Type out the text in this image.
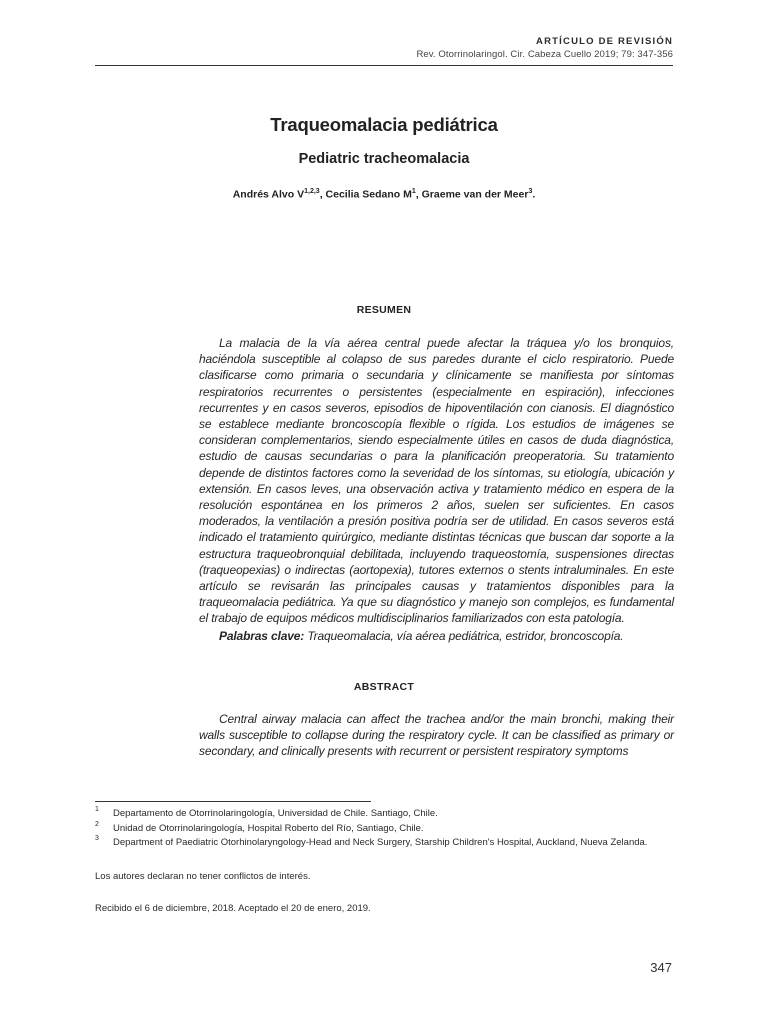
ARTÍCULO DE REVISIÓN
Rev. Otorrinolaringol. Cir. Cabeza Cuello 2019; 79: 347-356
Traqueomalacia pediátrica
Pediatric tracheomalacia
Andrés Alvo V$^{1,2,3}$, Cecilia Sedano $M^1$, Graeme van der Meer$^3$.
RESUMEN

La malacia de la vía aérea central puede afectar la tráquea y/o los bronquios, haciéndola susceptible al colapso de sus paredes durante el ciclo respiratorio. Puede clasificarse como primaria o secundaria y clínicamente se manifiesta por síntomas respiratorios recurrentes o persistentes (especialmente en espiración), infecciones recurrentes y en casos severos, episodios de hipoventilación con cianosis. El diagnóstico se establece mediante broncoscopía flexible o rígida. Los estudios de imágenes se consideran complementarios, siendo especialmente útiles en casos de duda diagnóstica, estudio de causas secundarias o para la planificación preoperatoria. Su tratamiento depende de distintos factores como la severidad de los síntomas, su etiología, ubicación y extensión. En casos leves, una observación activa y tratamiento médico en espera de la resolución espontánea en los primeros 2 años, suelen ser suficientes. En casos moderados, la ventilación a presión positiva podría ser de utilidad. En casos severos está indicado el tratamiento quirúrgico, mediante distintas técnicas que buscan dar soporte a la estructura traqueobronquial debilitada, incluyendo traqueostomía, suspensiones directas (traqueopexias) o indirectas (aortopexia), tutores externos o stents intraluminales. En este artículo se revisarán las principales causas y tratamientos disponibles para la traqueomalacia pediátrica. Ya que su diagnóstico y manejo son complejos, es fundamental el trabajo de equipos médicos multidisciplinarios familiarizados con esta patología.

Palabras clave: Traqueomalacia, vía aérea pediátrica, estridor, broncoscopía.

ABSTRACT

Central airway malacia can affect the trachea and/or the main bronchi, making their walls susceptible to collapse during the respiratory cycle. It can be classified as primary or secondary, and clinically presents with recurrent or persistent respiratory symptoms

1 Departamento de Otorrinolaringología, Universidad de Chile. Santiago, Chile.
2 Unidad de Otorrinolaringología, Hospital Roberto del Río, Santiago, Chile.
3 Department of Paediatric Otorhinolaryngology-Head and Neck Surgery, Starship Children's Hospital, Auckland, Nueva Zelanda.
Los autores declaran no tener conflictos de interés.
Recibido el 6 de diciembre, 2018. Aceptado el 20 de enero, 2019.
347
